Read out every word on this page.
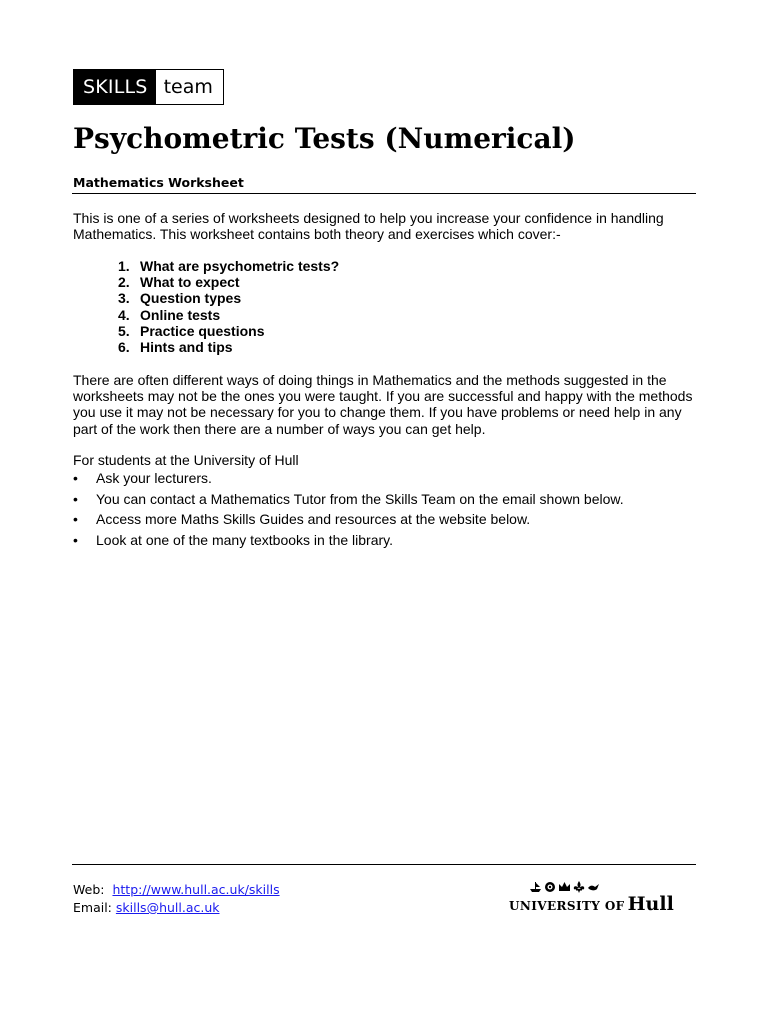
SKILLS team
Psychometric Tests (Numerical)
Mathematics Worksheet
This is one of a series of worksheets designed to help you increase your confidence in handling Mathematics. This worksheet contains both theory and exercises which cover:-
1. What are psychometric tests?
2. What to expect
3. Question types
4. Online tests
5. Practice questions
6. Hints and tips
There are often different ways of doing things in Mathematics and the methods suggested in the worksheets may not be the ones you were taught. If you are successful and happy with the methods you use it may not be necessary for you to change them. If you have problems or need help in any part of the work then there are a number of ways you can get help.
For students at the University of Hull
•	Ask your lecturers.
•	You can contact a Mathematics Tutor from the Skills Team on the email shown below.
•	Access more Maths Skills Guides and resources at the website below.
•	Look at one of the many textbooks in the library.
Web: http://www.hull.ac.uk/skills
Email: skills@hull.ac.uk	UNIVERSITY OF Hull
